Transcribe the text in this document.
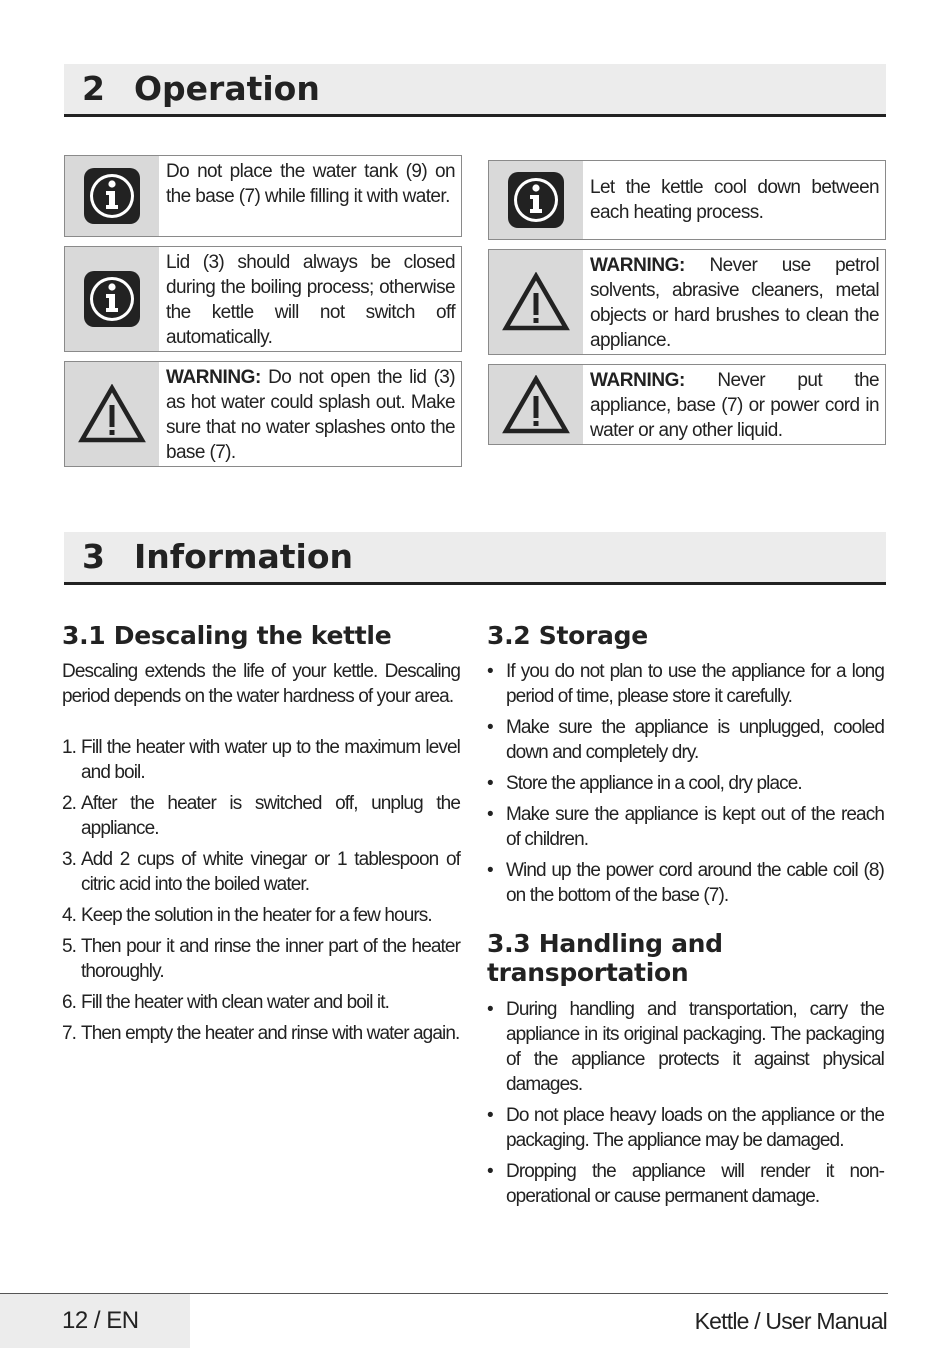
2 Operation
Do not place the water tank (9) on the base (7) while filling it with water.
Lid (3) should always be closed during the boiling process; otherwise the kettle will not switch off automatically.
WARNING: Do not open the lid (3) as hot water could splash out. Make sure that no water splashes onto the base (7).
Let the kettle cool down between each heating process.
WARNING: Never use petrol solvents, abrasive cleaners, metal objects or hard brushes to clean the appliance.
WARNING: Never put the appliance, base (7) or power cord in water or any other liquid.
3 Information
3.1 Descaling the kettle

Descaling extends the life of your kettle. Descaling period depends on the water hardness of your area.

1. Fill the heater with water up to the maximum level and boil.
2. After the heater is switched off, unplug the appliance.
3. Add 2 cups of white vinegar or 1 tablespoon of citric acid into the boiled water.
4. Keep the solution in the heater for a few hours.
5. Then pour it and rinse the inner part of the heater thoroughly.
6. Fill the heater with clean water and boil it.
7. Then empty the heater and rinse with water again.
3.2 Storage
• If you do not plan to use the appliance for a long period of time, please store it carefully.
• Make sure the appliance is unplugged, cooled down and completely dry.
• Store the appliance in a cool, dry place.
• Make sure the appliance is kept out of the reach of children.
• Wind up the power cord around the cable coil (8) on the bottom of the base (7).
3.3 Handling and
transportation
• During handling and transportation, carry the appliance in its original packaging. The packaging of the appliance protects it against physical damages.
• Do not place heavy loads on the appliance or the packaging. The appliance may be damaged.
• Dropping the appliance will render it non-operational or cause permanent damage.
12 / EN	Kettle / User Manual
